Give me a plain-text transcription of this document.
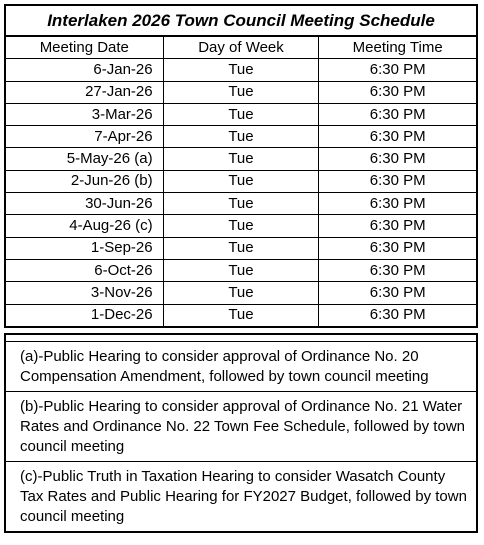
Interlaken 2026 Town Council Meeting Schedule		
Meeting Date	Day of Week	Meeting Time
6-Jan-26	Tue	6:30 PM
27-Jan-26	Tue	6:30 PM
3-Mar-26	Tue	6:30 PM
7-Apr-26	Tue	6:30 PM
5-May-26 (a)	Tue	6:30 PM
2-Jun-26 (b)	Tue	6:30 PM
30-Jun-26	Tue	6:30 PM
4-Aug-26 (c)	Tue	6:30 PM
1-Sep-26	Tue	6:30 PM
6-Oct-26	Tue	6:30 PM
3-Nov-26	Tue	6:30 PM
1-Dec-26	Tue	6:30 PM

(a)-Public Hearing to consider approval of Ordinance No. 20 Compensation Amendment, followed by town council meeting
(b)-Public Hearing to consider approval of Ordinance No. 21 Water Rates and Ordinance No. 22 Town Fee Schedule, followed by town council meeting
(c)-Public Truth in Taxation Hearing to consider Wasatch County Tax Rates and Public Hearing for FY2027 Budget, followed by town council meeting
